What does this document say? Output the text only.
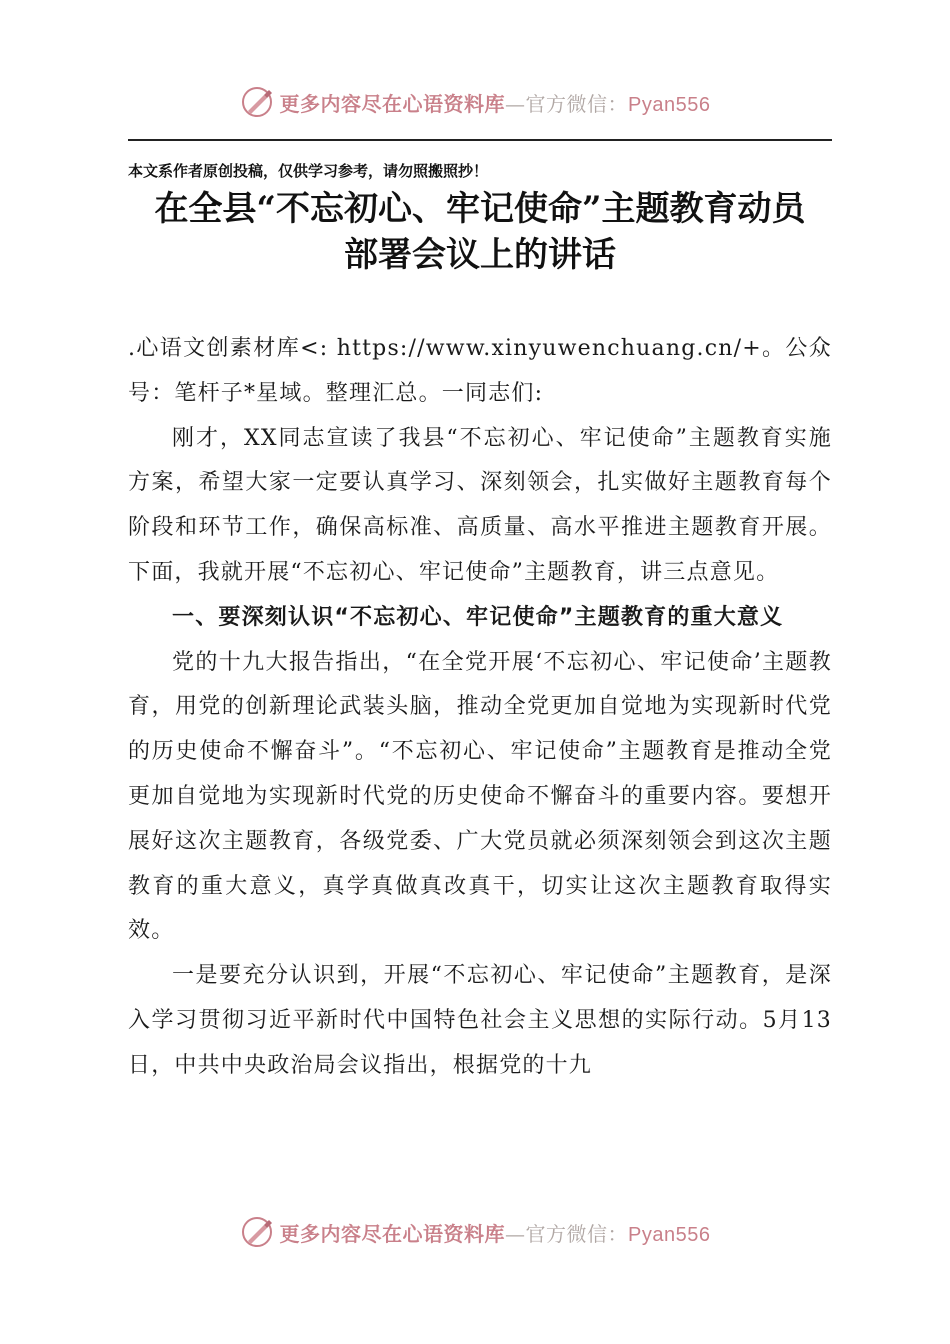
更多内容尽在心语资料库—官方微信：Pyan556
本文系作者原创投稿，仅供学习参考，请勿照搬照抄！
在全县“不忘初心、牢记使命”主题教育动员
部署会议上的讲话

.心语文创素材库<: https://www.xinyuwenchuang.cn/+。公众号：笔杆子*星域。整理汇总。一同志们:

刚才，XX同志宣读了我县“不忘初心、牢记使命”主题教育实施方案，希望大家一定要认真学习、深刻领会，扎实做好主题教育每个阶段和环节工作，确保高标准、高质量、高水平推进主题教育开展。下面，我就开展“不忘初心、牢记使命”主题教育，讲三点意见。

一、要深刻认识“不忘初心、牢记使命”主题教育的重大意义

党的十九大报告指出，“在全党开展‘不忘初心、牢记使命’主题教育，用党的创新理论武装头脑，推动全党更加自觉地为实现新时代党的历史使命不懈奋斗”。“不忘初心、牢记使命”主题教育是推动全党更加自觉地为实现新时代党的历史使命不懈奋斗的重要内容。要想开展好这次主题教育，各级党委、广大党员就必须深刻领会到这次主题教育的重大意义，真学真做真改真干，切实让这次主题教育取得实效。

一是要充分认识到，开展“不忘初心、牢记使命”主题教育，是深入学习贯彻习近平新时代中国特色社会主义思想的实际行动。5月13日，中共中央政治局会议指出，根据党的十九

更多内容尽在心语资料库—官方微信：Pyan556
